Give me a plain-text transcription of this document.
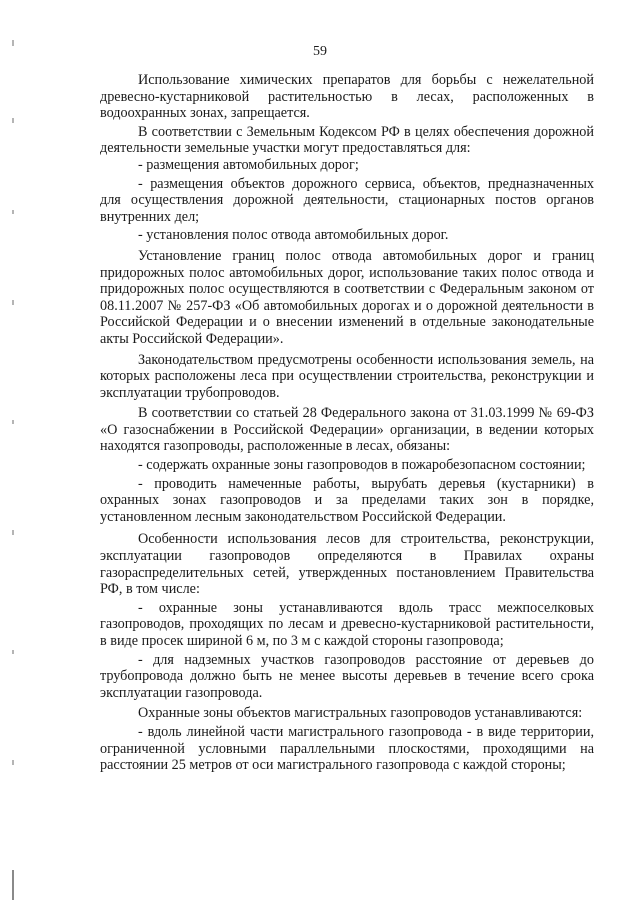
59

Использование химических препаратов для борьбы с нежелательной древесно-кустарниковой растительностью в лесах, расположенных в водоохранных зонах, запрещается.

В соответствии с Земельным Кодексом РФ в целях обеспечения дорожной деятельности земельные участки могут предоставляться для:

- размещения автомобильных дорог;

- размещения объектов дорожного сервиса, объектов, предназначенных для осуществления дорожной деятельности, стационарных постов органов внутренних дел;

- установления полос отвода автомобильных дорог.

Установление границ полос отвода автомобильных дорог и границ придорожных полос автомобильных дорог, использование таких полос отвода и придорожных полос осуществляются в соответствии с Федеральным законом от 08.11.2007 № 257-ФЗ «Об автомобильных дорогах и о дорожной деятельности в Российской Федерации и о внесении изменений в отдельные законодательные акты Российской Федерации».

Законодательством предусмотрены особенности использования земель, на которых расположены леса при осуществлении строительства, реконструкции и эксплуатации трубопроводов.

В соответствии со статьей 28 Федерального закона от 31.03.1999 № 69-ФЗ «О газоснабжении в Российской Федерации» организации, в ведении которых находятся газопроводы, расположенные в лесах, обязаны:

- содержать охранные зоны газопроводов в пожаробезопасном состоянии;

- проводить намеченные работы, вырубать деревья (кустарники) в охранных зонах газопроводов и за пределами таких зон в порядке, установленном лесным законодательством Российской Федерации.

Особенности использования лесов для строительства, реконструкции, эксплуатации газопроводов определяются в Правилах охраны газораспределительных сетей, утвержденных постановлением Правительства РФ, в том числе:

- охранные зоны устанавливаются вдоль трасс межпоселковых газопроводов, проходящих по лесам и древесно-кустарниковой растительности, в виде просек шириной 6 м, по 3 м с каждой стороны газопровода;

- для надземных участков газопроводов расстояние от деревьев до трубопровода должно быть не менее высоты деревьев в течение всего срока эксплуатации газопровода.

Охранные зоны объектов магистральных газопроводов устанавливаются:

- вдоль линейной части магистрального газопровода - в виде территории, ограниченной условными параллельными плоскостями, проходящими на расстоянии 25 метров от оси магистрального газопровода с каждой стороны;
